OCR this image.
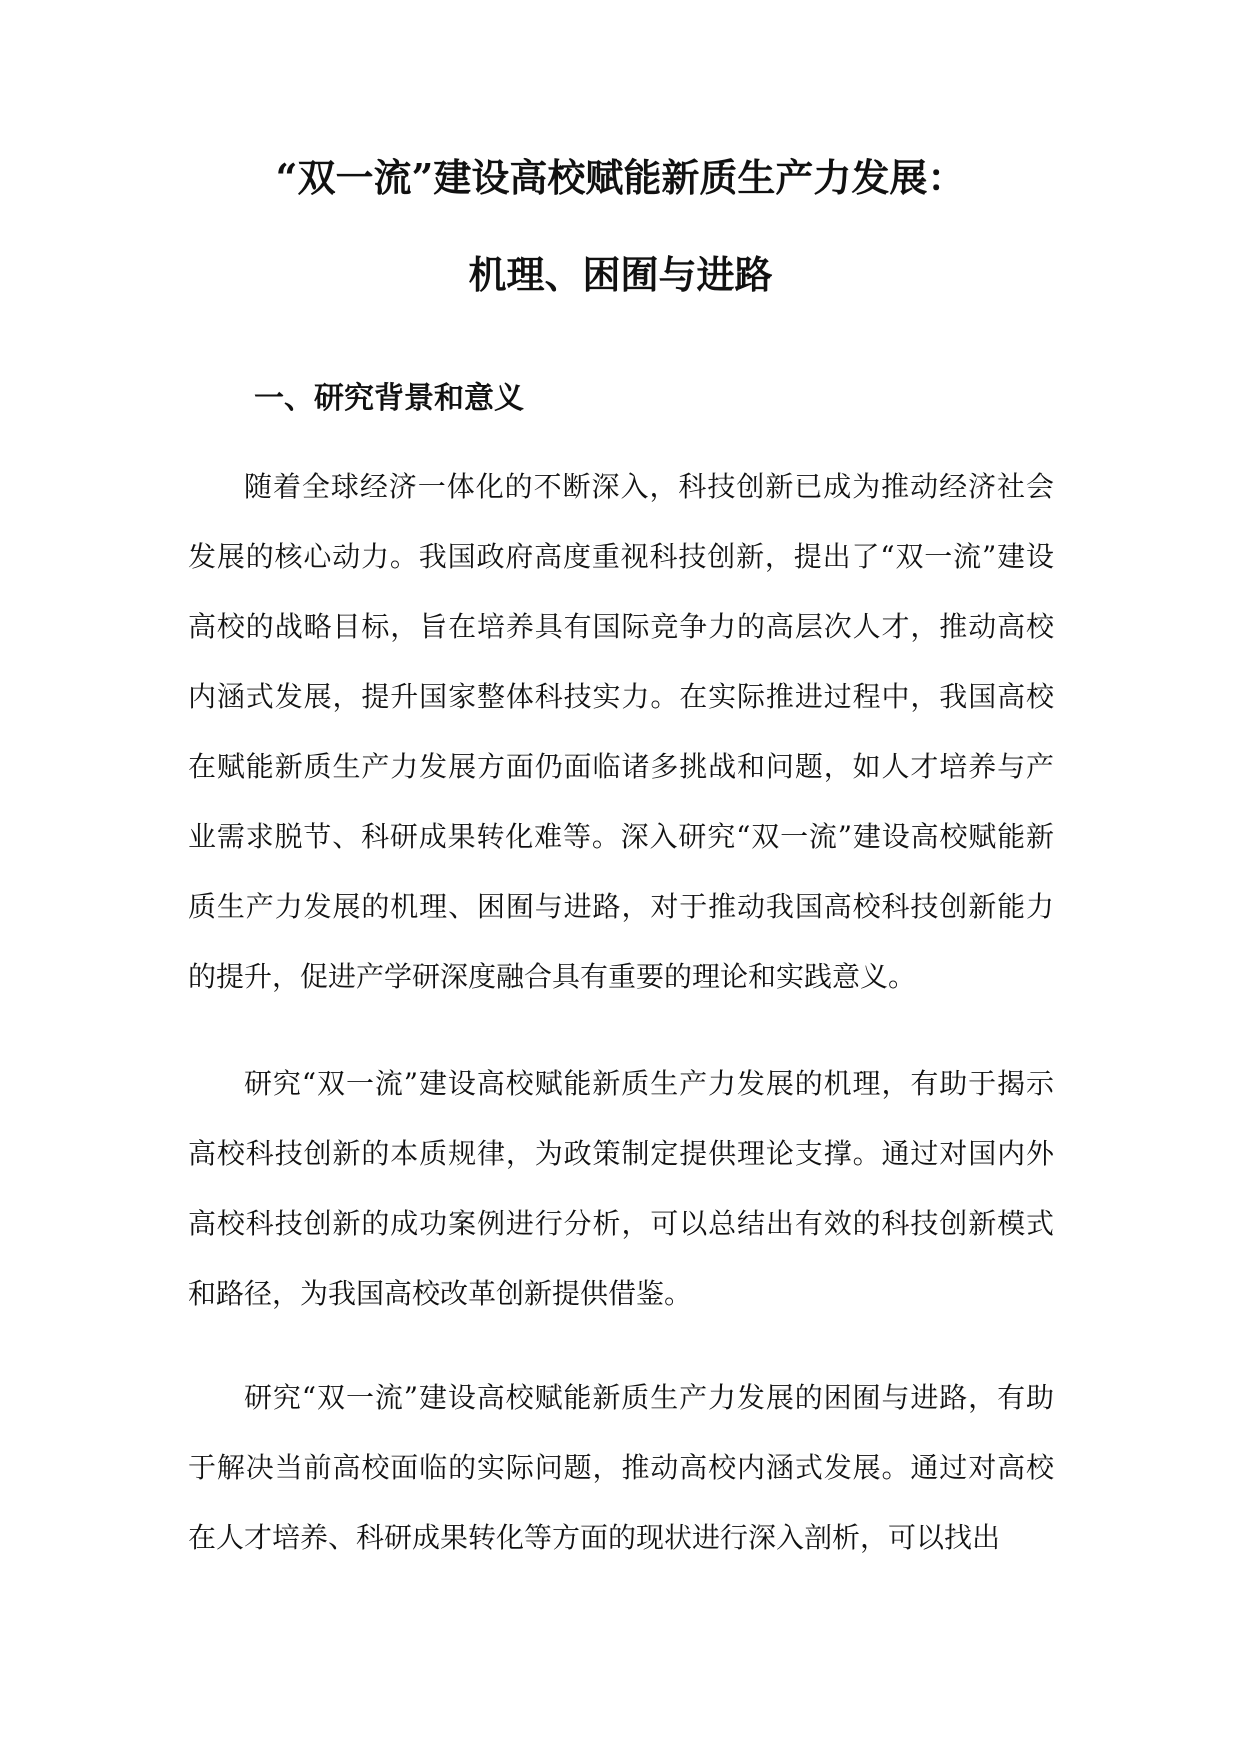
“双一流”建设高校赋能新质生产力发展：
机理、困囿与进路
一、研究背景和意义

随着全球经济一体化的不断深入，科技创新已成为推动经济社会发展的核心动力。我国政府高度重视科技创新，提出了“双一流”建设高校的战略目标，旨在培养具有国际竞争力的高层次人才，推动高校内涵式发展，提升国家整体科技实力。在实际推进过程中，我国高校在赋能新质生产力发展方面仍面临诸多挑战和问题，如人才培养与产业需求脱节、科研成果转化难等。深入研究“双一流”建设高校赋能新质生产力发展的机理、困囿与进路，对于推动我国高校科技创新能力的提升，促进产学研深度融合具有重要的理论和实践意义。

研究“双一流”建设高校赋能新质生产力发展的机理，有助于揭示高校科技创新的本质规律，为政策制定提供理论支撑。通过对国内外高校科技创新的成功案例进行分析，可以总结出有效的科技创新模式和路径，为我国高校改革创新提供借鉴。

研究“双一流”建设高校赋能新质生产力发展的困囿与进路，有助于解决当前高校面临的实际问题，推动高校内涵式发展。通过对高校在人才培养、科研成果转化等方面的现状进行深入剖析，可以找出
